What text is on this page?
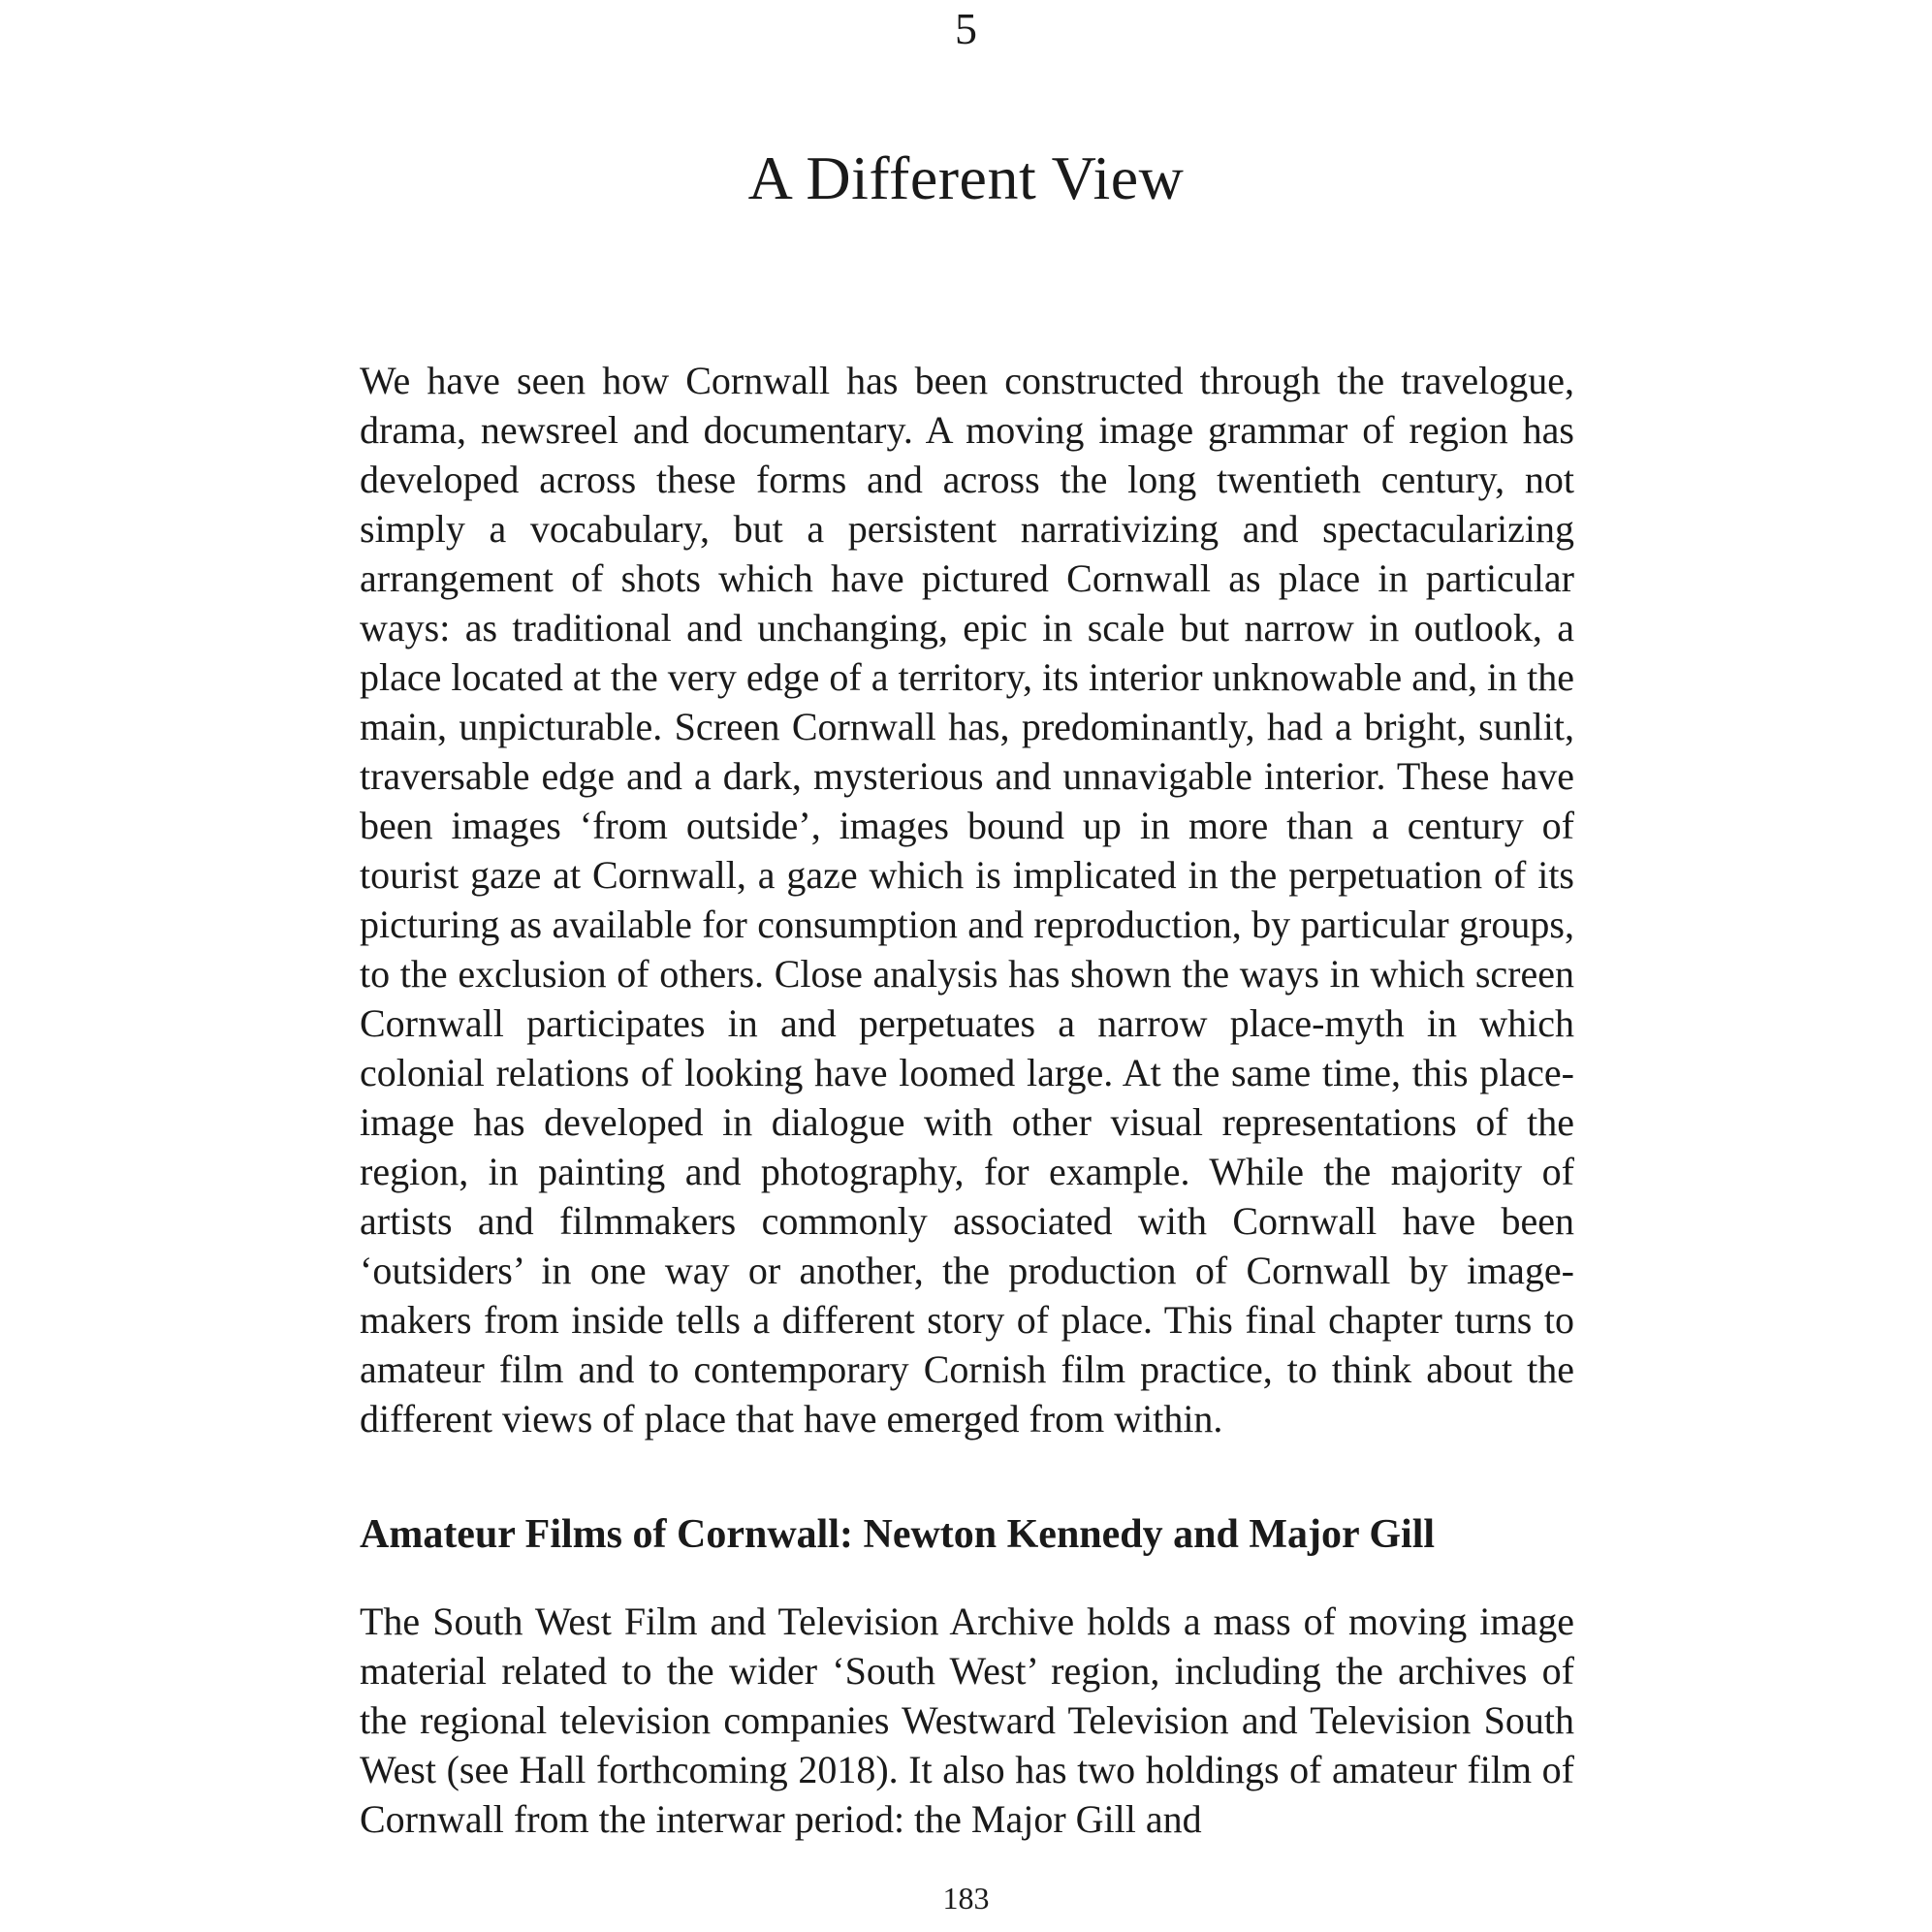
5
A Different View

We have seen how Cornwall has been constructed through the travelogue, drama, newsreel and documentary. A moving image grammar of region has developed across these forms and across the long twentieth century, not simply a vocabulary, but a persistent narrativizing and spectacularizing arrangement of shots which have pictured Cornwall as place in particular ways: as traditional and unchanging, epic in scale but narrow in outlook, a place located at the very edge of a territory, its interior unknowable and, in the main, unpicturable. Screen Cornwall has, predominantly, had a bright, sunlit, traversable edge and a dark, mysterious and unnavigable interior. These have been images ‘from outside’, images bound up in more than a century of tourist gaze at Cornwall, a gaze which is implicated in the perpetuation of its picturing as available for consumption and reproduction, by particular groups, to the exclusion of others. Close analysis has shown the ways in which screen Cornwall participates in and perpetuates a narrow place-myth in which colonial relations of looking have loomed large. At the same time, this place-image has developed in dialogue with other visual representations of the region, in painting and photography, for example. While the majority of artists and filmmakers commonly associated with Cornwall have been ‘outsiders’ in one way or another, the production of Cornwall by image-makers from inside tells a different story of place. This final chapter turns to amateur film and to contemporary Cornish film practice, to think about the different views of place that have emerged from within.

Amateur Films of Cornwall: Newton Kennedy and Major Gill

The South West Film and Television Archive holds a mass of moving image material related to the wider ‘South West’ region, including the archives of the regional television companies Westward Television and Television South West (see Hall forthcoming 2018). It also has two holdings of amateur film of Cornwall from the interwar period: the Major Gill and

183
